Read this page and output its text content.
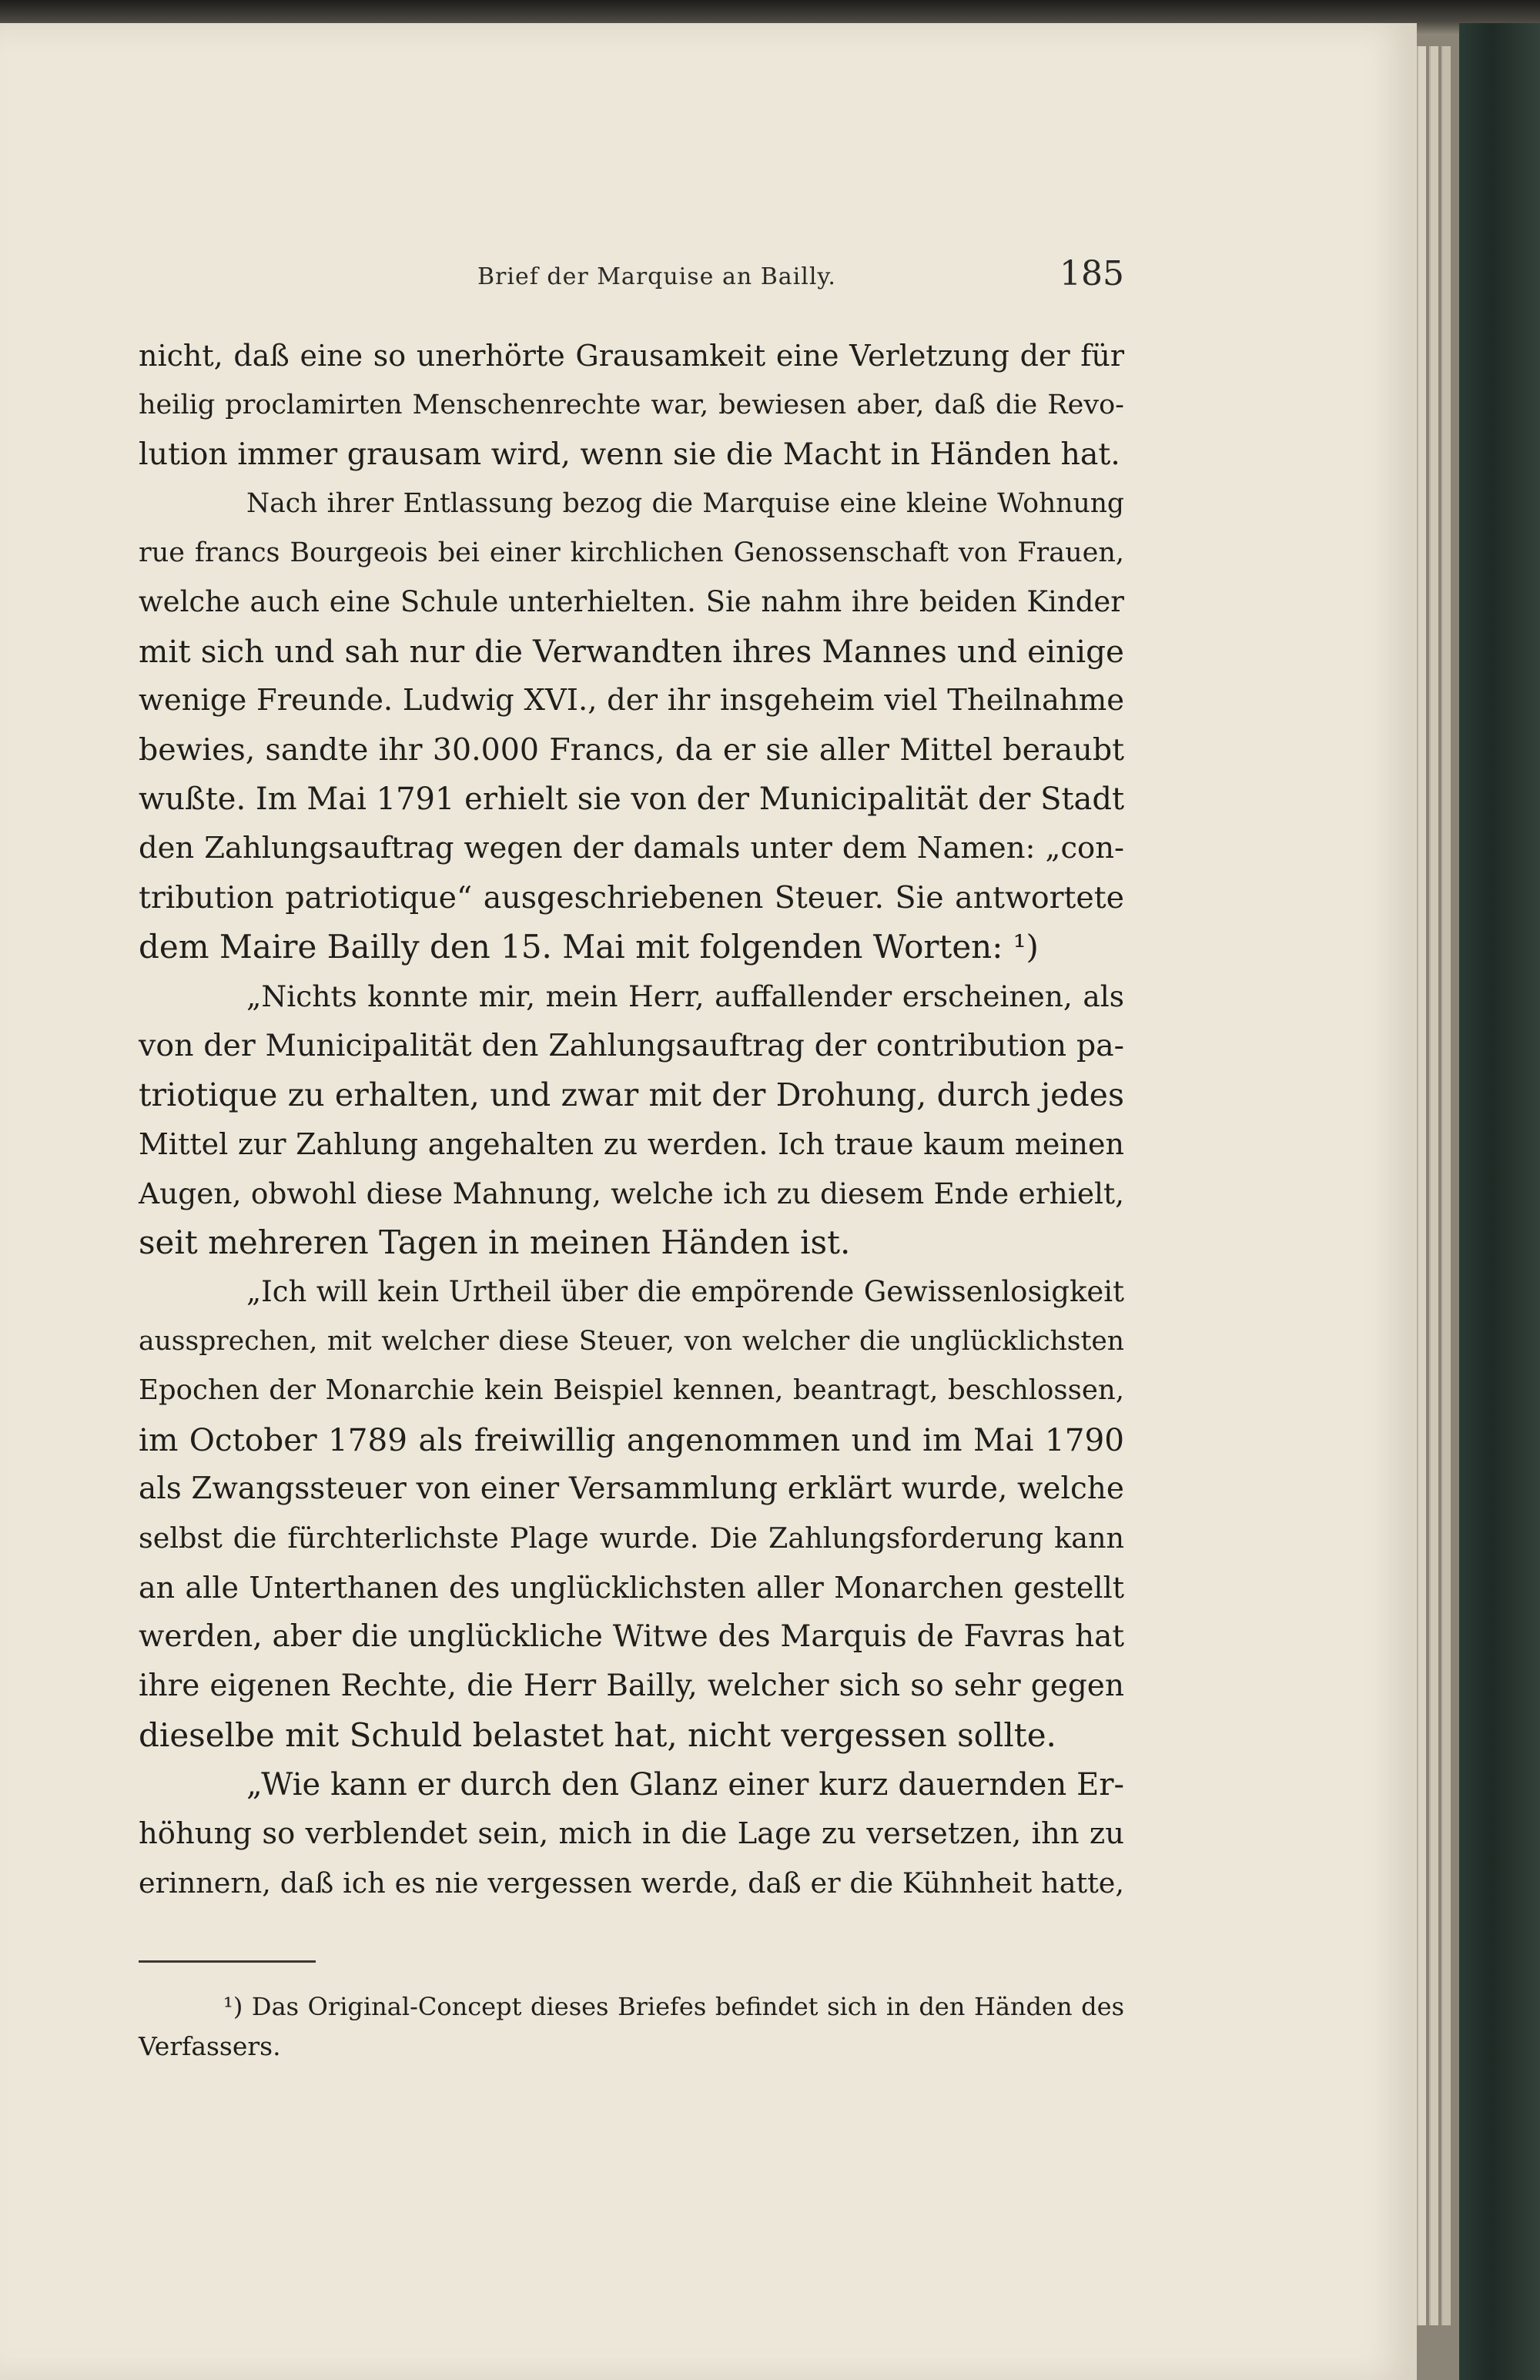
Brief der Marquise an Bailly.	185
nicht, daß eine so unerhörte Grausamkeit eine Verletzung der für
heilig proclamirten Menschenrechte war, bewiesen aber, daß die Revo-
lution immer grausam wird, wenn sie die Macht in Händen hat.
Nach ihrer Entlassung bezog die Marquise eine kleine Wohnung
rue francs Bourgeois bei einer kirchlichen Genossenschaft von Frauen,
welche auch eine Schule unterhielten. Sie nahm ihre beiden Kinder
mit sich und sah nur die Verwandten ihres Mannes und einige
wenige Freunde. Ludwig XVI., der ihr insgeheim viel Theilnahme
bewies, sandte ihr 30.000 Francs, da er sie aller Mittel beraubt
wußte. Im Mai 1791 erhielt sie von der Municipalität der Stadt
den Zahlungsauftrag wegen der damals unter dem Namen: „con-
tribution patriotique“ ausgeschriebenen Steuer. Sie antwortete
dem Maire Bailly den 15. Mai mit folgenden Worten: ¹)
„Nichts konnte mir, mein Herr, auffallender erscheinen, als
von der Municipalität den Zahlungsauftrag der contribution pa-
triotique zu erhalten, und zwar mit der Drohung, durch jedes
Mittel zur Zahlung angehalten zu werden. Ich traue kaum meinen
Augen, obwohl diese Mahnung, welche ich zu diesem Ende erhielt,
seit mehreren Tagen in meinen Händen ist.
„Ich will kein Urtheil über die empörende Gewissenlosigkeit
aussprechen, mit welcher diese Steuer, von welcher die unglücklichsten
Epochen der Monarchie kein Beispiel kennen, beantragt, beschlossen,
im October 1789 als freiwillig angenommen und im Mai 1790
als Zwangssteuer von einer Versammlung erklärt wurde, welche
selbst die fürchterlichste Plage wurde. Die Zahlungsforderung kann
an alle Unterthanen des unglücklichsten aller Monarchen gestellt
werden, aber die unglückliche Witwe des Marquis de Favras hat
ihre eigenen Rechte, die Herr Bailly, welcher sich so sehr gegen
dieselbe mit Schuld belastet hat, nicht vergessen sollte.
„Wie kann er durch den Glanz einer kurz dauernden Er-
höhung so verblendet sein, mich in die Lage zu versetzen, ihn zu
erinnern, daß ich es nie vergessen werde, daß er die Kühnheit hatte,
¹) Das Original-Concept dieses Briefes befindet sich in den Händen des
Verfassers.
